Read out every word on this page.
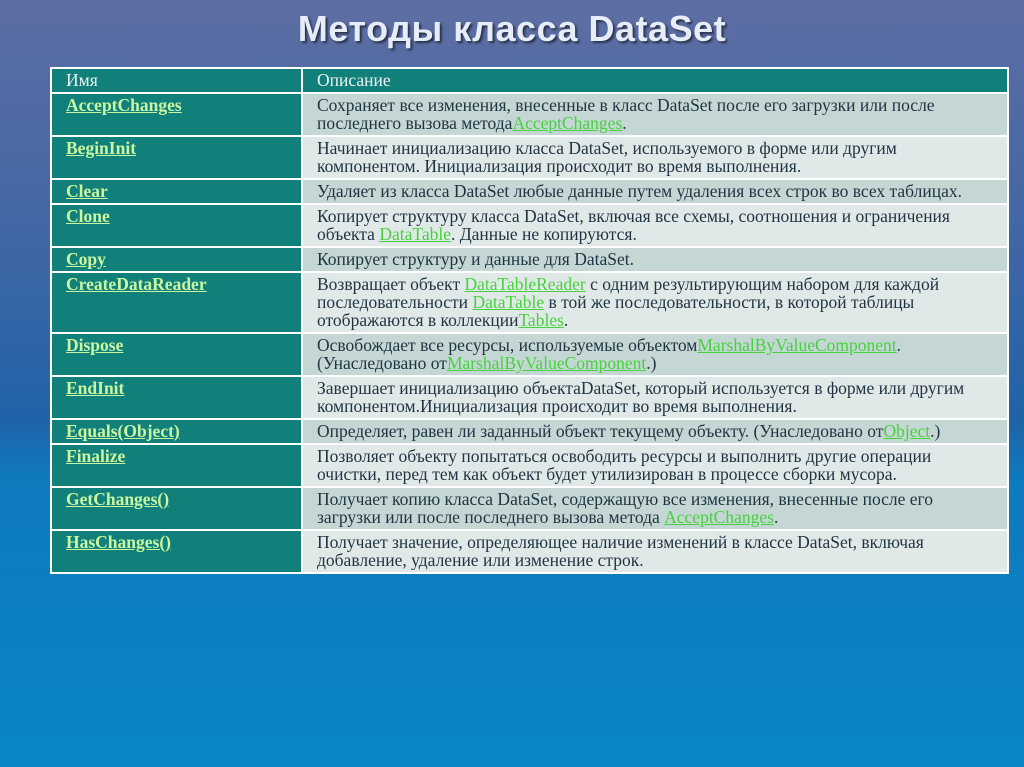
Методы класса DataSet
Имя	Описание
AcceptChanges	Сохраняет все изменения, внесенные в класс DataSet после его загрузки или после последнего вызова методаAcceptChanges.
BeginInit	Начинает инициализацию класса DataSet, используемого в форме или другим компонентом. Инициализация происходит во время выполнения.
Clear	Удаляет из класса DataSet любые данные путем удаления всех строк во всех таблицах.
Clone	Копирует структуру класса DataSet, включая все схемы, соотношения и ограничения объекта DataTable. Данные не копируются.
Copy	Копирует структуру и данные для DataSet.
CreateDataReader	Возвращает объект DataTableReader с одним результирующим набором для каждой последовательности DataTable в той же последовательности, в которой таблицы отображаются в коллекцииTables.
Dispose	Освобождает все ресурсы, используемые объектомMarshalByValueComponent.(Унаследовано отMarshalByValueComponent.)
EndInit	Завершает инициализацию объектаDataSet, который используется в форме или другим компонентом.Инициализация происходит во время выполнения.
Equals(Object)	Определяет, равен ли заданный объект текущему объекту. (Унаследовано отObject.)
Finalize	Позволяет объекту попытаться освободить ресурсы и выполнить другие операции очистки, перед тем как объект будет утилизирован в процессе сборки мусора.
GetChanges()	Получает копию класса DataSet, содержащую все изменения, внесенные после его загрузки или после последнего вызова метода AcceptChanges.
HasChanges()	Получает значение, определяющее наличие изменений в классе DataSet, включая добавление, удаление или изменение строк.
